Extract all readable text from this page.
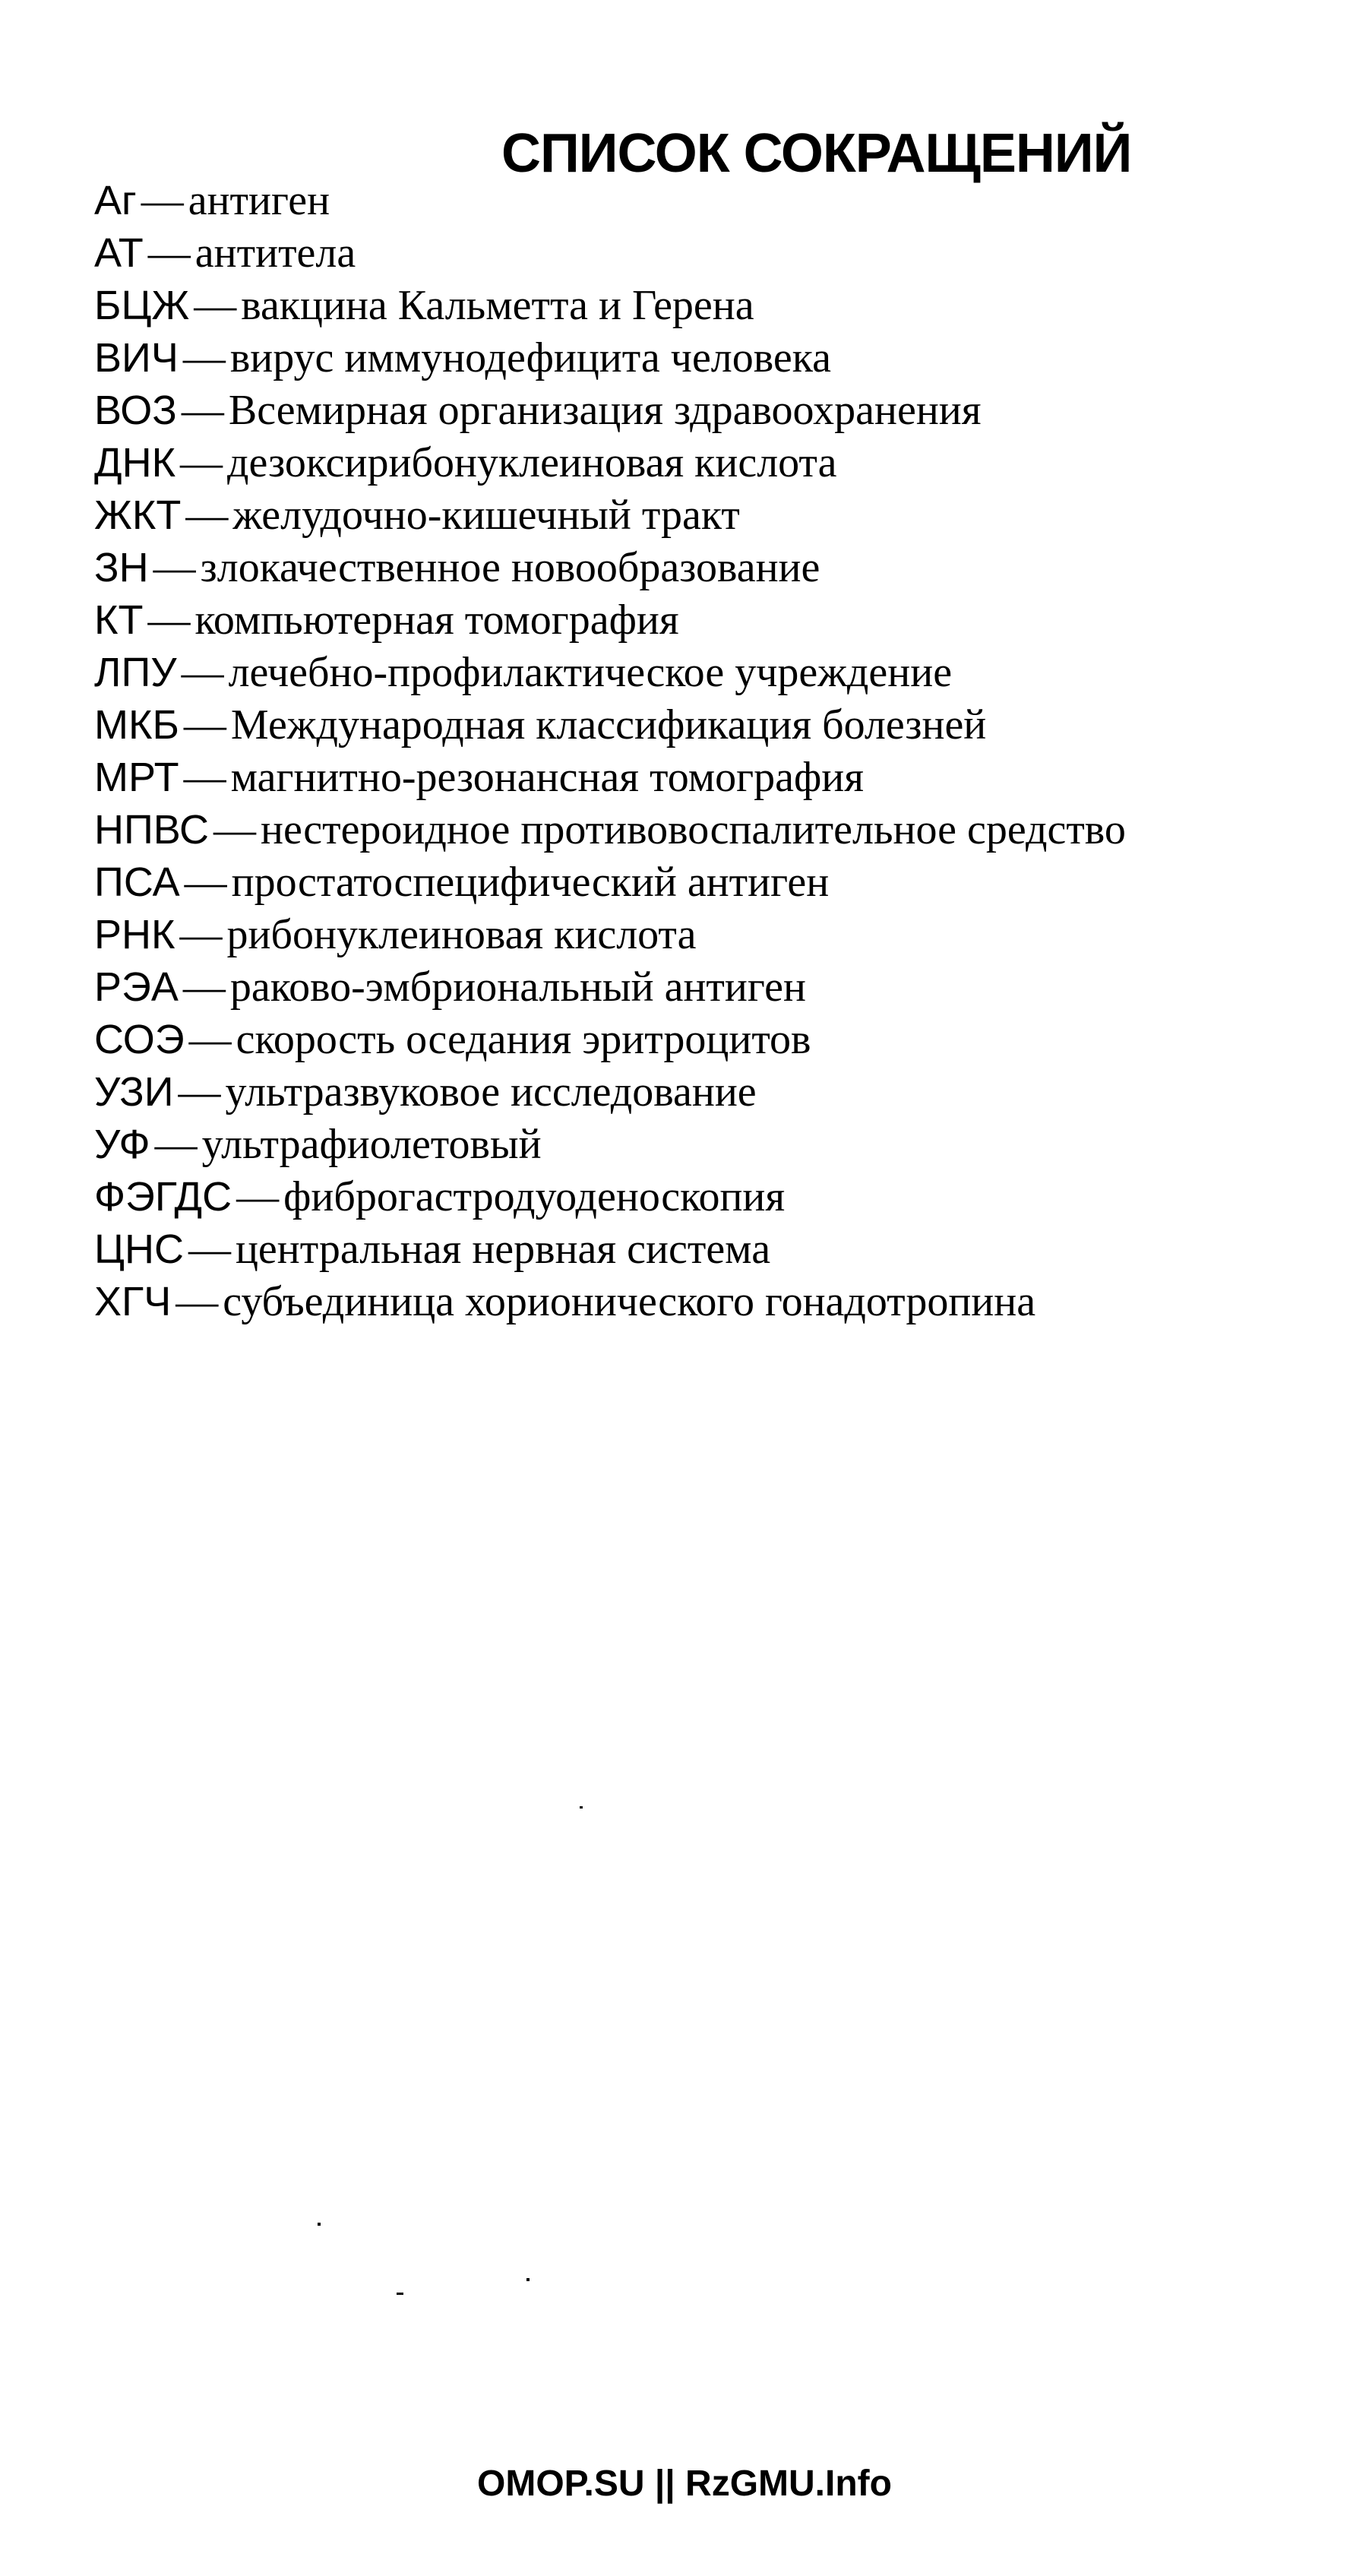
СПИСОК СОКРАЩЕНИЙ
Аг — антиген
АТ — антитела
БЦЖ — вакцина Кальметта и Герена
ВИЧ — вирус иммунодефицита человека
ВОЗ — Всемирная организация здравоохранения
ДНК — дезоксирибонуклеиновая кислота
ЖКТ — желудочно-кишечный тракт
ЗН — злокачественное новообразование
КТ — компьютерная томография
ЛПУ — лечебно-профилактическое учреждение
МКБ — Международная классификация болезней
МРТ — магнитно-резонансная томография
НПВС — нестероидное противовоспалительное средство
ПСА — простатоспецифический антиген
РНК — рибонуклеиновая кислота
РЭА — раково-эмбриональный антиген
СОЭ — скорость оседания эритроцитов
УЗИ — ультразвуковое исследование
УФ — ультрафиолетовый
ФЭГДС — фиброгастродуоденоскопия
ЦНС — центральная нервная система
ХГЧ — субъединица хорионического гонадотропина
OMOP.SU || RzGMU.Info
